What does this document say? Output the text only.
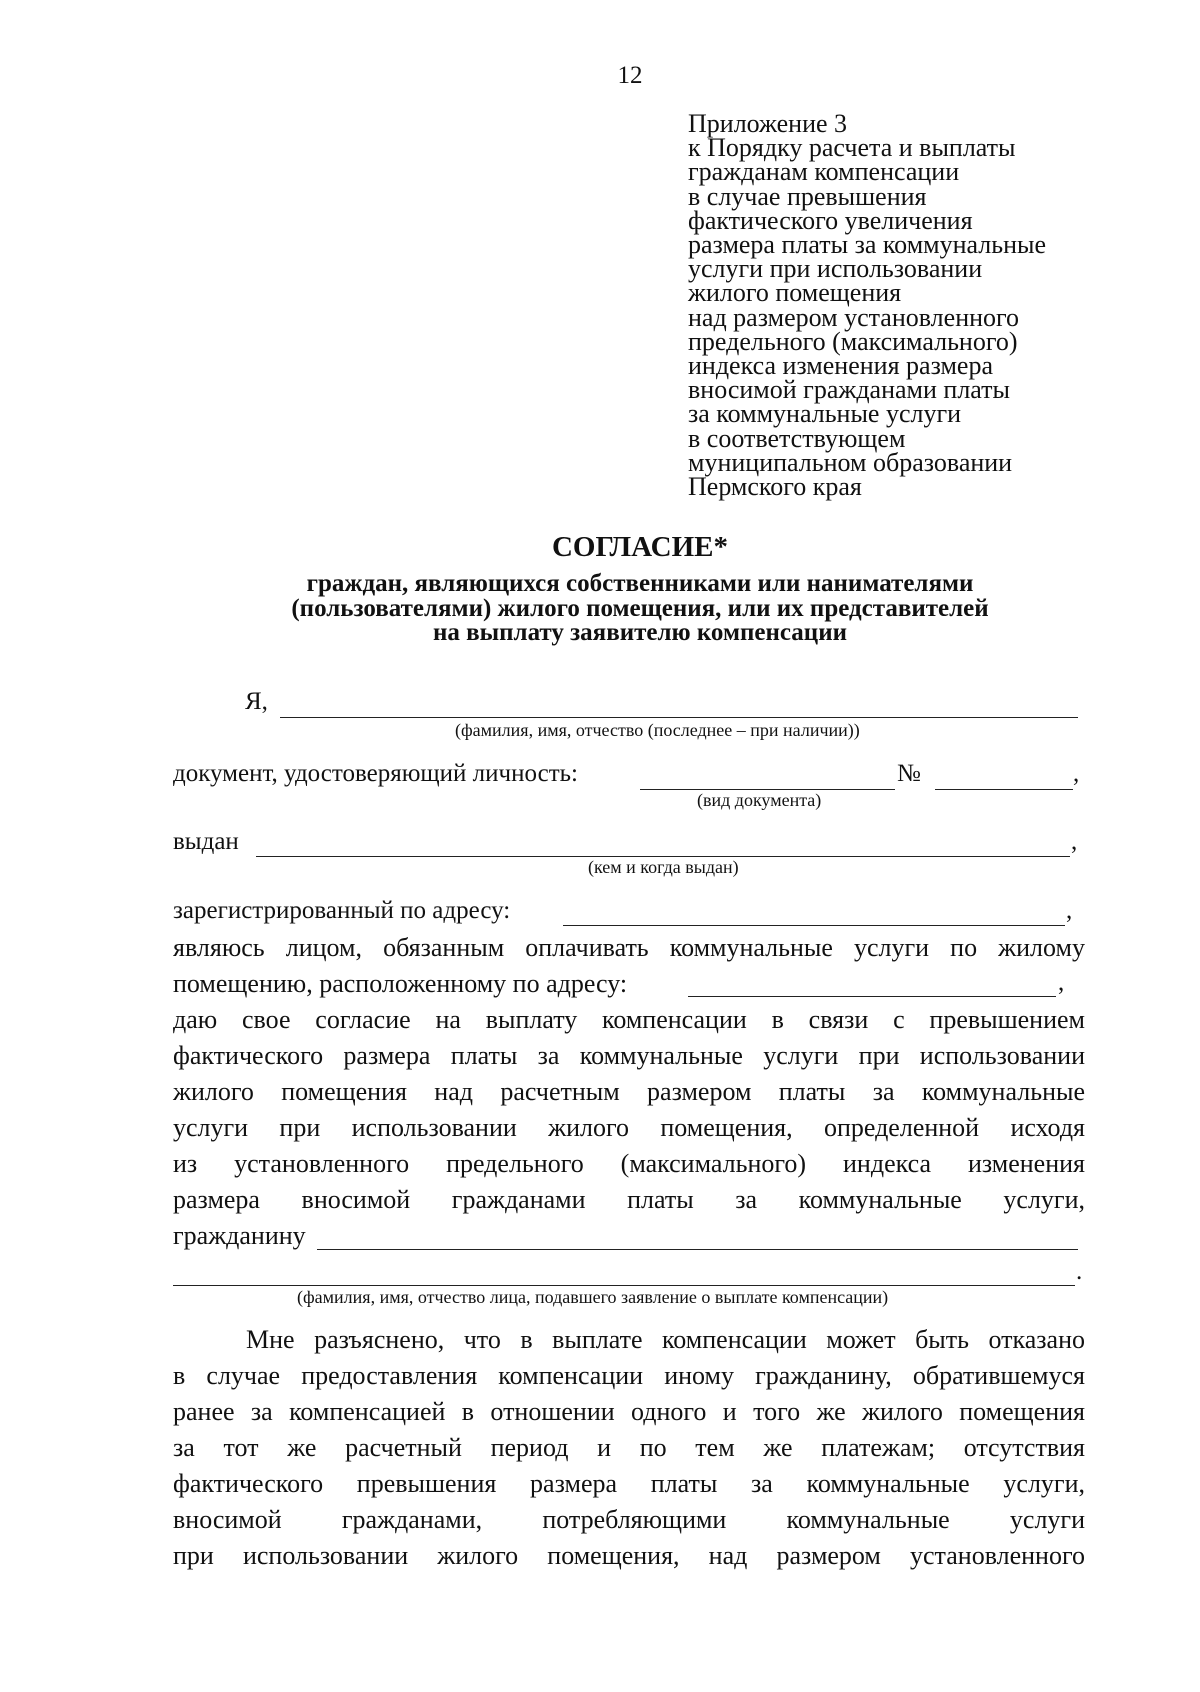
12
Приложение 3
к Порядку расчета и выплаты
гражданам компенсации
в случае превышения
фактического увеличения
размера платы за коммунальные
услуги при использовании
жилого помещения
над размером установленного
предельного (максимального)
индекса изменения размера
вносимой гражданами платы
за коммунальные услуги
в соответствующем
муниципальном образовании
Пермского края
СОГЛАСИЕ*
граждан, являющихся собственниками или нанимателями
(пользователями) жилого помещения, или их представителей
на выплату заявителю компенсации
Я,
(фамилия, имя, отчество (последнее – при наличии))
документ, удостоверяющий личность:	№	,
(вид документа)
выдан	,
(кем и когда выдан)
зарегистрированный по адресу:	,
являюсь лицом, обязанным оплачивать коммунальные услуги по жилому
помещению, расположенному по адресу:	,
даю свое согласие на выплату компенсации в связи с превышением
фактического размера платы за коммунальные услуги при использовании
жилого помещения над расчетным размером платы за коммунальные
услуги при использовании жилого помещения, определенной исходя
из установленного предельного (максимального) индекса изменения
размера вносимой гражданами платы за коммунальные услуги,
гражданину
.
(фамилия, имя, отчество лица, подавшего заявление о выплате компенсации)
Мне разъяснено, что в выплате компенсации может быть отказано
в случае предоставления компенсации иному гражданину, обратившемуся
ранее за компенсацией в отношении одного и того же жилого помещения
за тот же расчетный период и по тем же платежам; отсутствия
фактического превышения размера платы за коммунальные услуги,
вносимой гражданами, потребляющими коммунальные услуги
при использовании жилого помещения, над размером установленного
